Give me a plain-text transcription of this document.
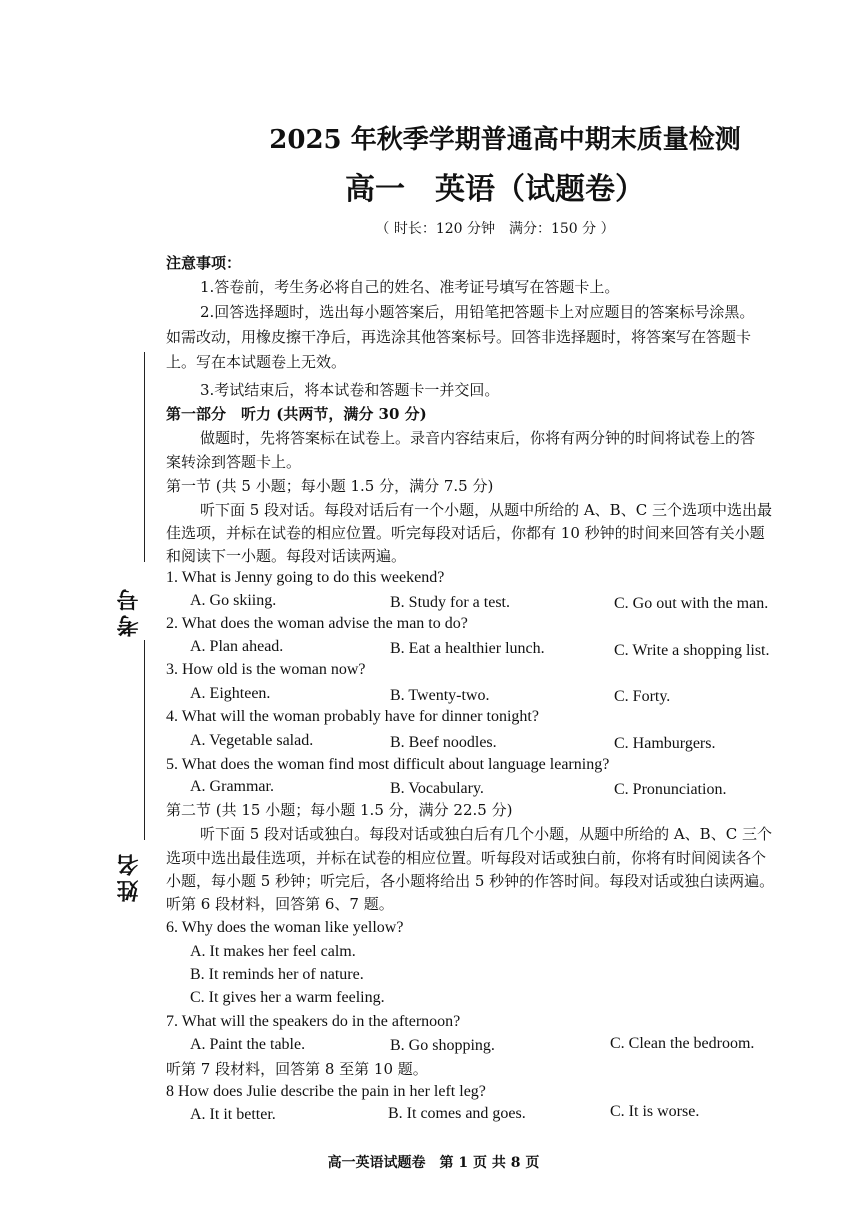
考号
姓名
2025 年秋季学期普通高中期末质量检测
高一　英语（试题卷）
（ 时长：120 分钟　满分：150 分 ）
注意事项：
1.答卷前，考生务必将自己的姓名、准考证号填写在答题卡上。
2.回答选择题时，选出每小题答案后，用铅笔把答题卡上对应题目的答案标号涂黑。
如需改动，用橡皮擦干净后，再选涂其他答案标号。回答非选择题时，将答案写在答题卡
上。写在本试题卷上无效。
3.考试结束后，将本试卷和答题卡一并交回。
第一部分　听力 (共两节，满分 30 分)
做题时，先将答案标在试卷上。录音内容结束后，你将有两分钟的时间将试卷上的答
案转涂到答题卡上。
第一节 (共 5 小题；每小题 1.5 分，满分 7.5 分)
听下面 5 段对话。每段对话后有一个小题，从题中所给的 A、B、C 三个选项中选出最
佳选项，并标在试卷的相应位置。听完每段对话后，你都有 10 秒钟的时间来回答有关小题
和阅读下一小题。每段对话读两遍。
1. What is Jenny going to do this weekend?
A. Go skiing.	B. Study for a test.	C. Go out with the man.
2. What does the woman advise the man to do?
A. Plan ahead.	B. Eat a healthier lunch.	C. Write a shopping list.
3. How old is the woman now?
A. Eighteen.	B. Twenty-two.	C. Forty.
4. What will the woman probably have for dinner tonight?
A. Vegetable salad.	B. Beef noodles.	C. Hamburgers.
5. What does the woman find most difficult about language learning?
A. Grammar.	B. Vocabulary.	C. Pronunciation.
第二节 (共 15 小题；每小题 1.5 分，满分 22.5 分)
听下面 5 段对话或独白。每段对话或独白后有几个小题，从题中所给的 A、B、C 三个
选项中选出最佳选项，并标在试卷的相应位置。听每段对话或独白前，你将有时间阅读各个
小题，每小题 5 秒钟；听完后，各小题将给出 5 秒钟的作答时间。每段对话或独白读两遍。
听第 6 段材料，回答第 6、7 题。
6. Why does the woman like yellow?
A. It makes her feel calm.
B. It reminds her of nature.
C. It gives her a warm feeling.
7. What will the speakers do in the afternoon?
A. Paint the table.	B. Go shopping.	C. Clean the bedroom.
听第 7 段材料，回答第 8 至第 10 题。
8 How does Julie describe the pain in her left leg?
A. It it better.	B. It comes and goes.	C. It is worse.
高一英语试题卷　第 1 页 共 8 页
